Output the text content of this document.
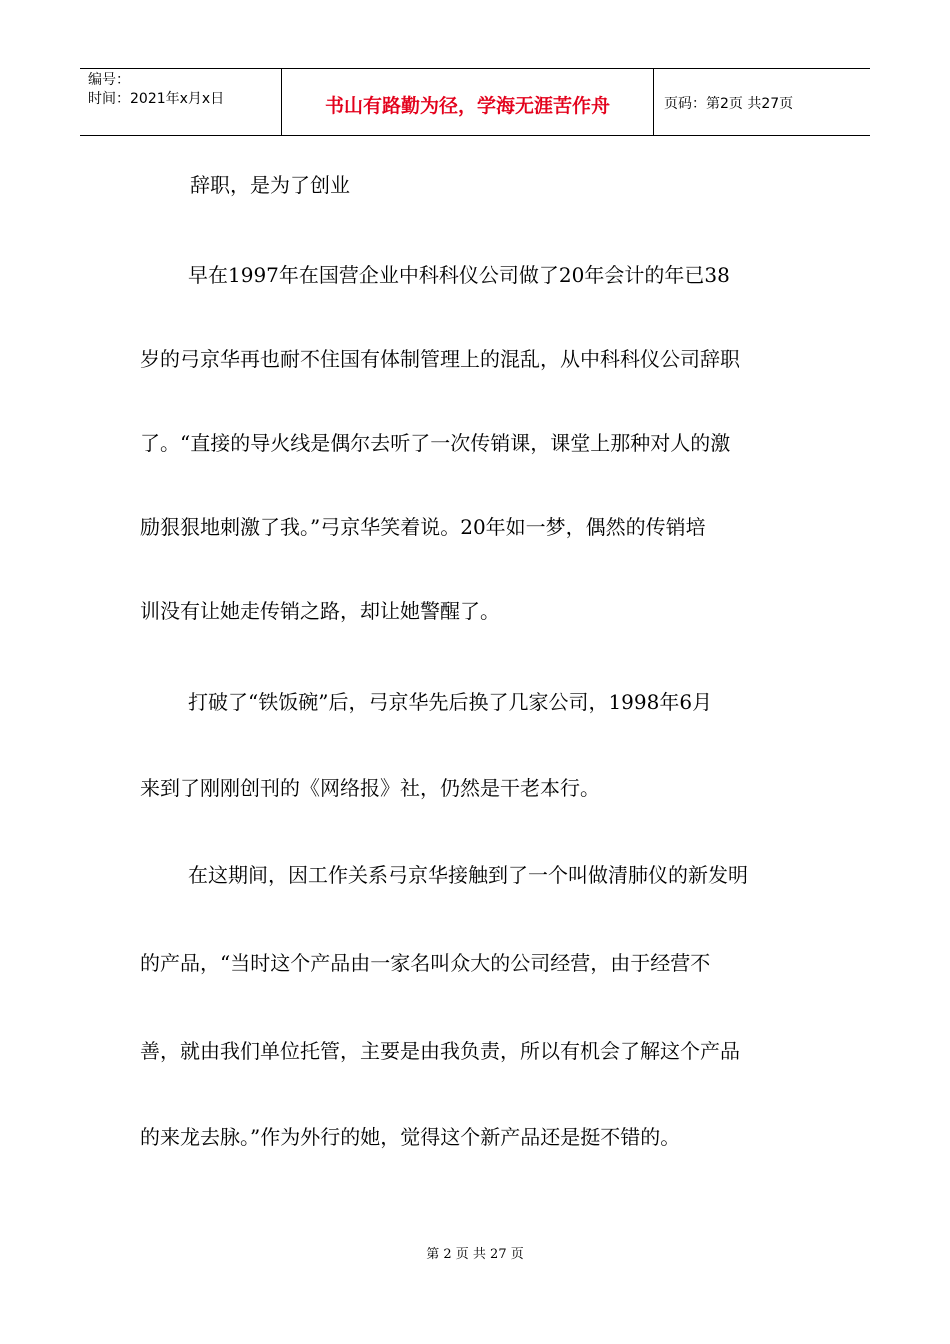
编号：
时间：2021年x月x日	书山有路勤为径，学海无涯苦作舟	页码：第2页 共27页
辞职，是为了创业
早在1997年在国营企业中科科仪公司做了20年会计的年已38
岁的弓京华再也耐不住国有体制管理上的混乱，从中科科仪公司辞职
了。“直接的导火线是偶尔去听了一次传销课，课堂上那种对人的激
励狠狠地刺激了我。”弓京华笑着说。20年如一梦，偶然的传销培
训没有让她走传销之路，却让她警醒了。
打破了“铁饭碗”后，弓京华先后换了几家公司，1998年6月
来到了刚刚创刊的《网络报》社，仍然是干老本行。
在这期间，因工作关系弓京华接触到了一个叫做清肺仪的新发明
的产品，“当时这个产品由一家名叫众大的公司经营，由于经营不
善，就由我们单位托管，主要是由我负责，所以有机会了解这个产品
的来龙去脉。”作为外行的她，觉得这个新产品还是挺不错的。
第 2 页 共 27 页
